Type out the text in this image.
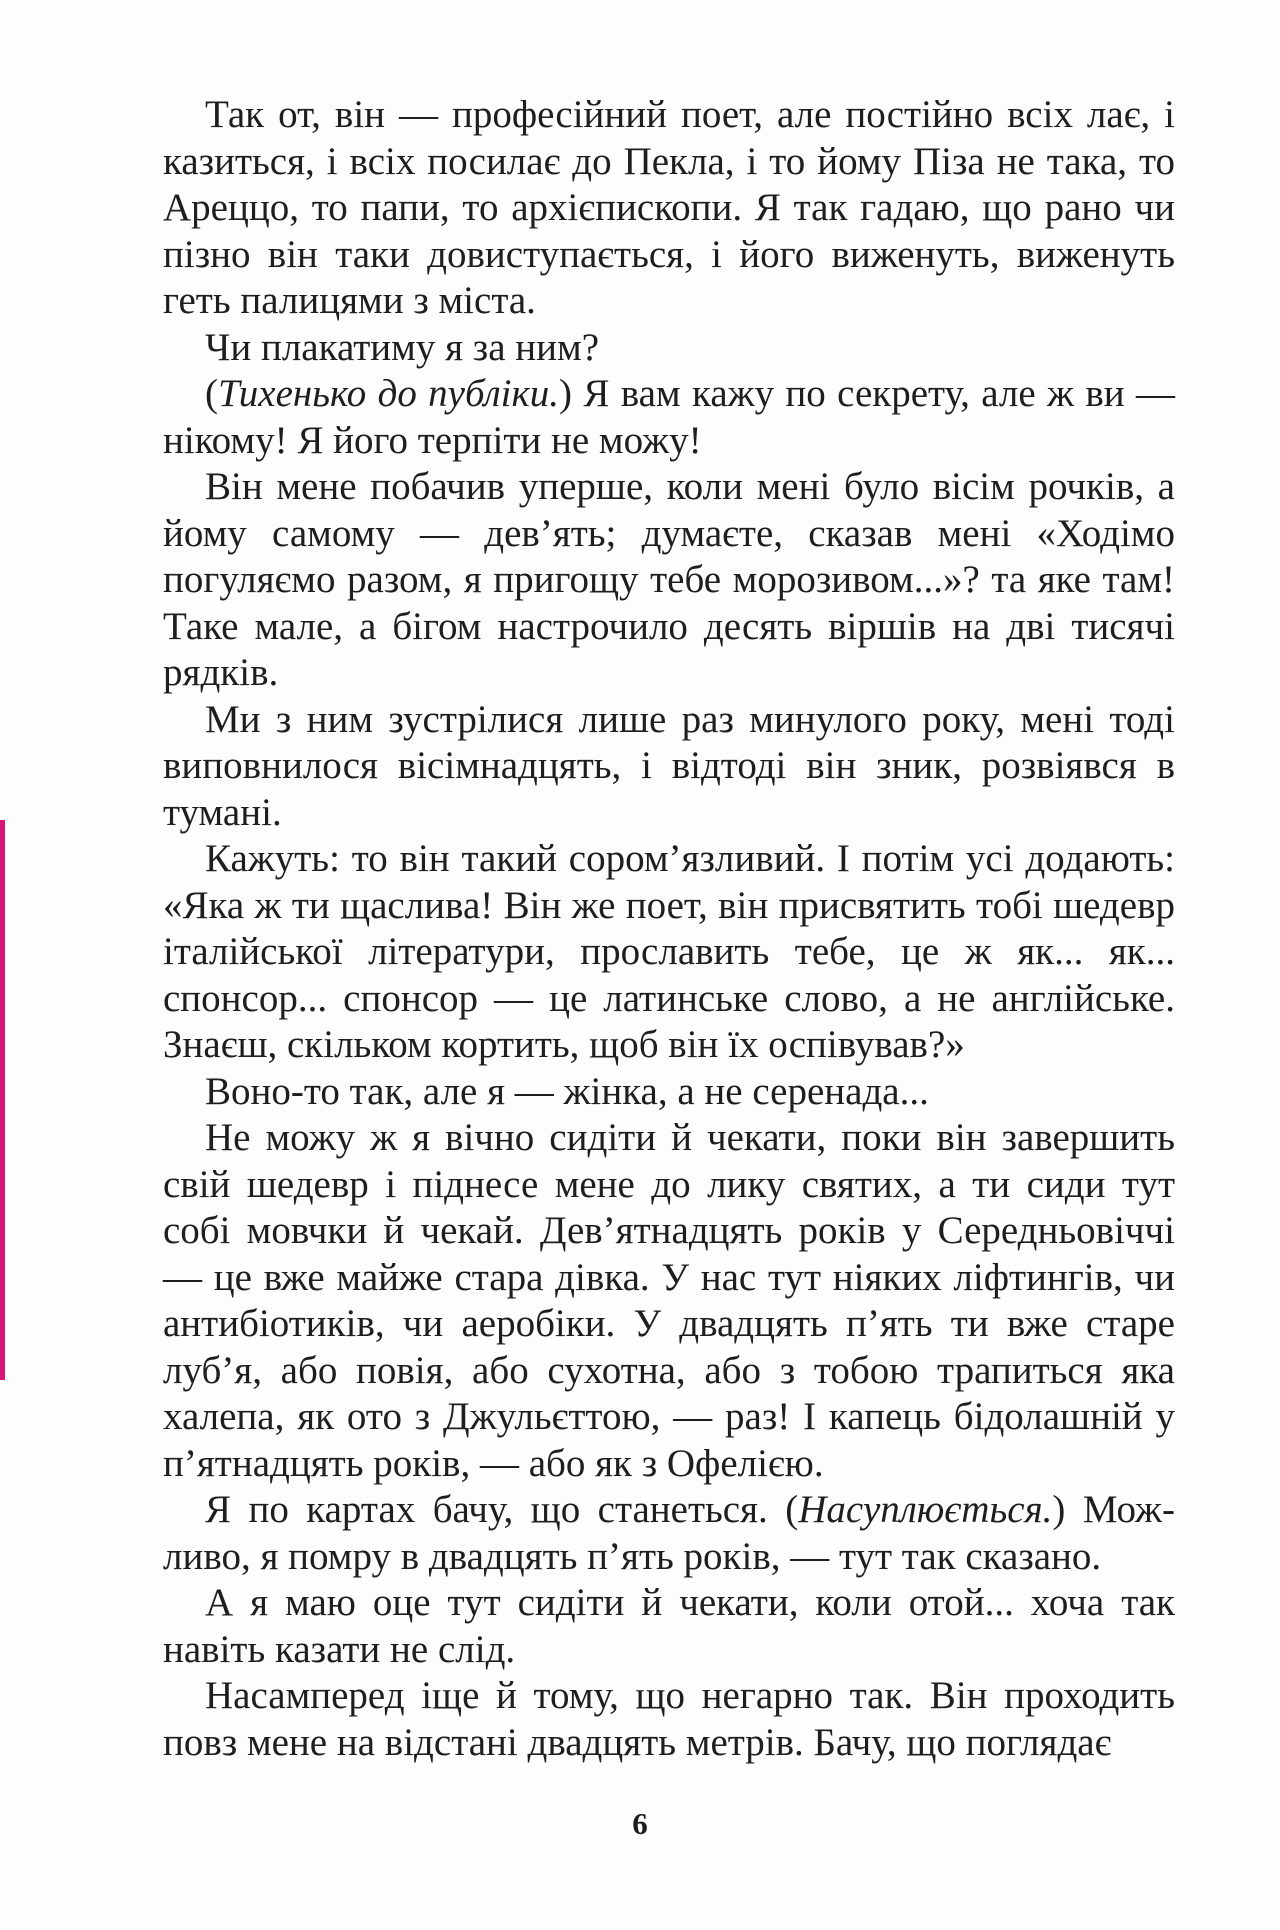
Так от, він — професійний поет, але постійно всіх лає, і казиться, і всіх посилає до Пекла, і то йому Піза не така, то Ареццо, то папи, то архієпископи. Я так гадаю, що рано чи пізно він таки довиступається, і його виженуть, виженуть геть палицями з міста.

Чи плакатиму я за ним?

(Тихенько до публіки.) Я вам кажу по секрету, але ж ви — нікому! Я його терпіти не можу!

Він мене побачив уперше, коли мені було вісім рочків, а йому самому — дев’ять; думаєте, сказав мені «Ходімо погуляємо разом, я пригощу тебе морозивом...»? та яке там! Таке мале, а бігом настрочило десять віршів на дві тисячі рядків.

Ми з ним зустрілися лише раз минулого року, мені тоді виповнилося вісімнадцять, і відтоді він зник, розвіявся в тумані.

Кажуть: то він такий сором’язливий. І потім усі додають: «Яка ж ти щаслива! Він же поет, він присвятить тобі шедевр італійської літератури, прославить тебе, це ж як... як... спонсор... спонсор — це латинське слово, а не англійське. Знаєш, скільком кортить, щоб він їх оспівував?»

Воно-то так, але я — жінка, а не серенада...

Не можу ж я вічно сидіти й чекати, поки він завершить свій шедевр і піднесе мене до лику святих, а ти сиди тут собі мовчки й чекай. Дев’ятнадцять років у Середньовіччі — це вже майже стара дівка. У нас тут ніяких ліфтингів, чи антибіотиків, чи аеробіки. У двадцять п’ять ти вже старе луб’я, або повія, або сухотна, або з тобою трапиться яка халепа, як ото з Джульєттою, — раз! І капець бідолашній у п’ятнадцять років, — або як з Офелією.

Я по картах бачу, що станеться. (Насуплюється.) Можливо, я помру в двадцять п’ять років, — тут так сказано.

А я маю оце тут сидіти й чекати, коли отой... хоча так навіть казати не слід.

Насамперед іще й тому, що негарно так. Він проходить повз мене на відстані двадцять метрів. Бачу, що поглядає

6
